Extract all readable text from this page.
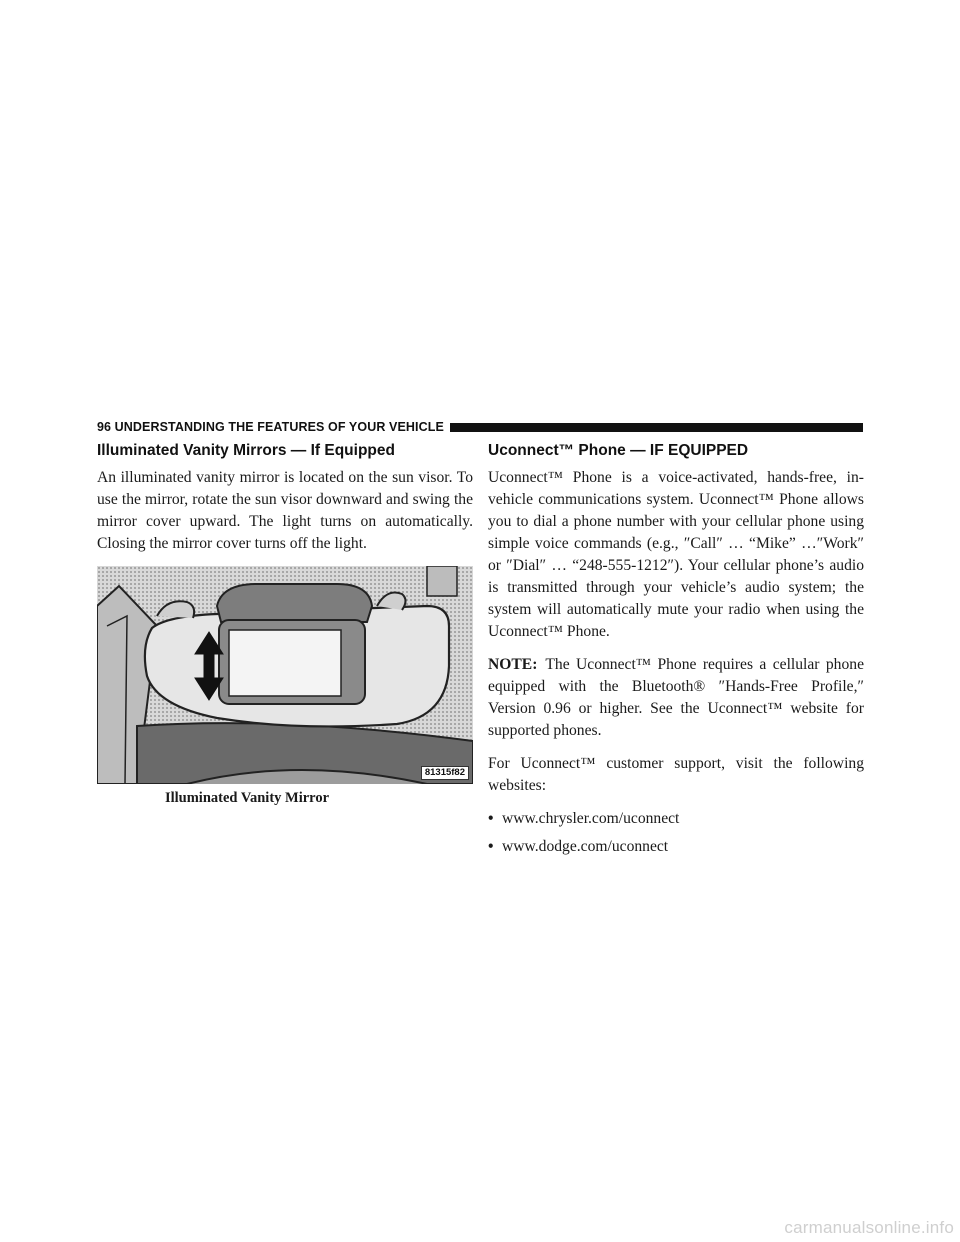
96 UNDERSTANDING THE FEATURES OF YOUR VEHICLE
Illuminated Vanity Mirrors — If Equipped

An illuminated vanity mirror is located on the sun visor. To use the mirror, rotate the sun visor downward and swing the mirror cover upward. The light turns on automatically. Closing the mirror cover turns off the light.

81315f82
Illuminated Vanity Mirror
Uconnect™ Phone — IF EQUIPPED

Uconnect™ Phone is a voice-activated, hands-free, in-vehicle communications system. Uconnect™ Phone allows you to dial a phone number with your cellular phone using simple voice commands (e.g., ″Call″ … “Mike” …″Work″ or ″Dial″ … “248-555-1212″). Your cellular phone’s audio is transmitted through your vehicle’s audio system; the system will automatically mute your radio when using the Uconnect™ Phone.

NOTE: The Uconnect™ Phone requires a cellular phone equipped with the Bluetooth® ″Hands-Free Profile,″ Version 0.96 or higher. See the Uconnect™ website for supported phones.

For Uconnect™ customer support, visit the following websites:

• www.chrysler.com/uconnect
• www.dodge.com/uconnect
carmanualsonline.info
